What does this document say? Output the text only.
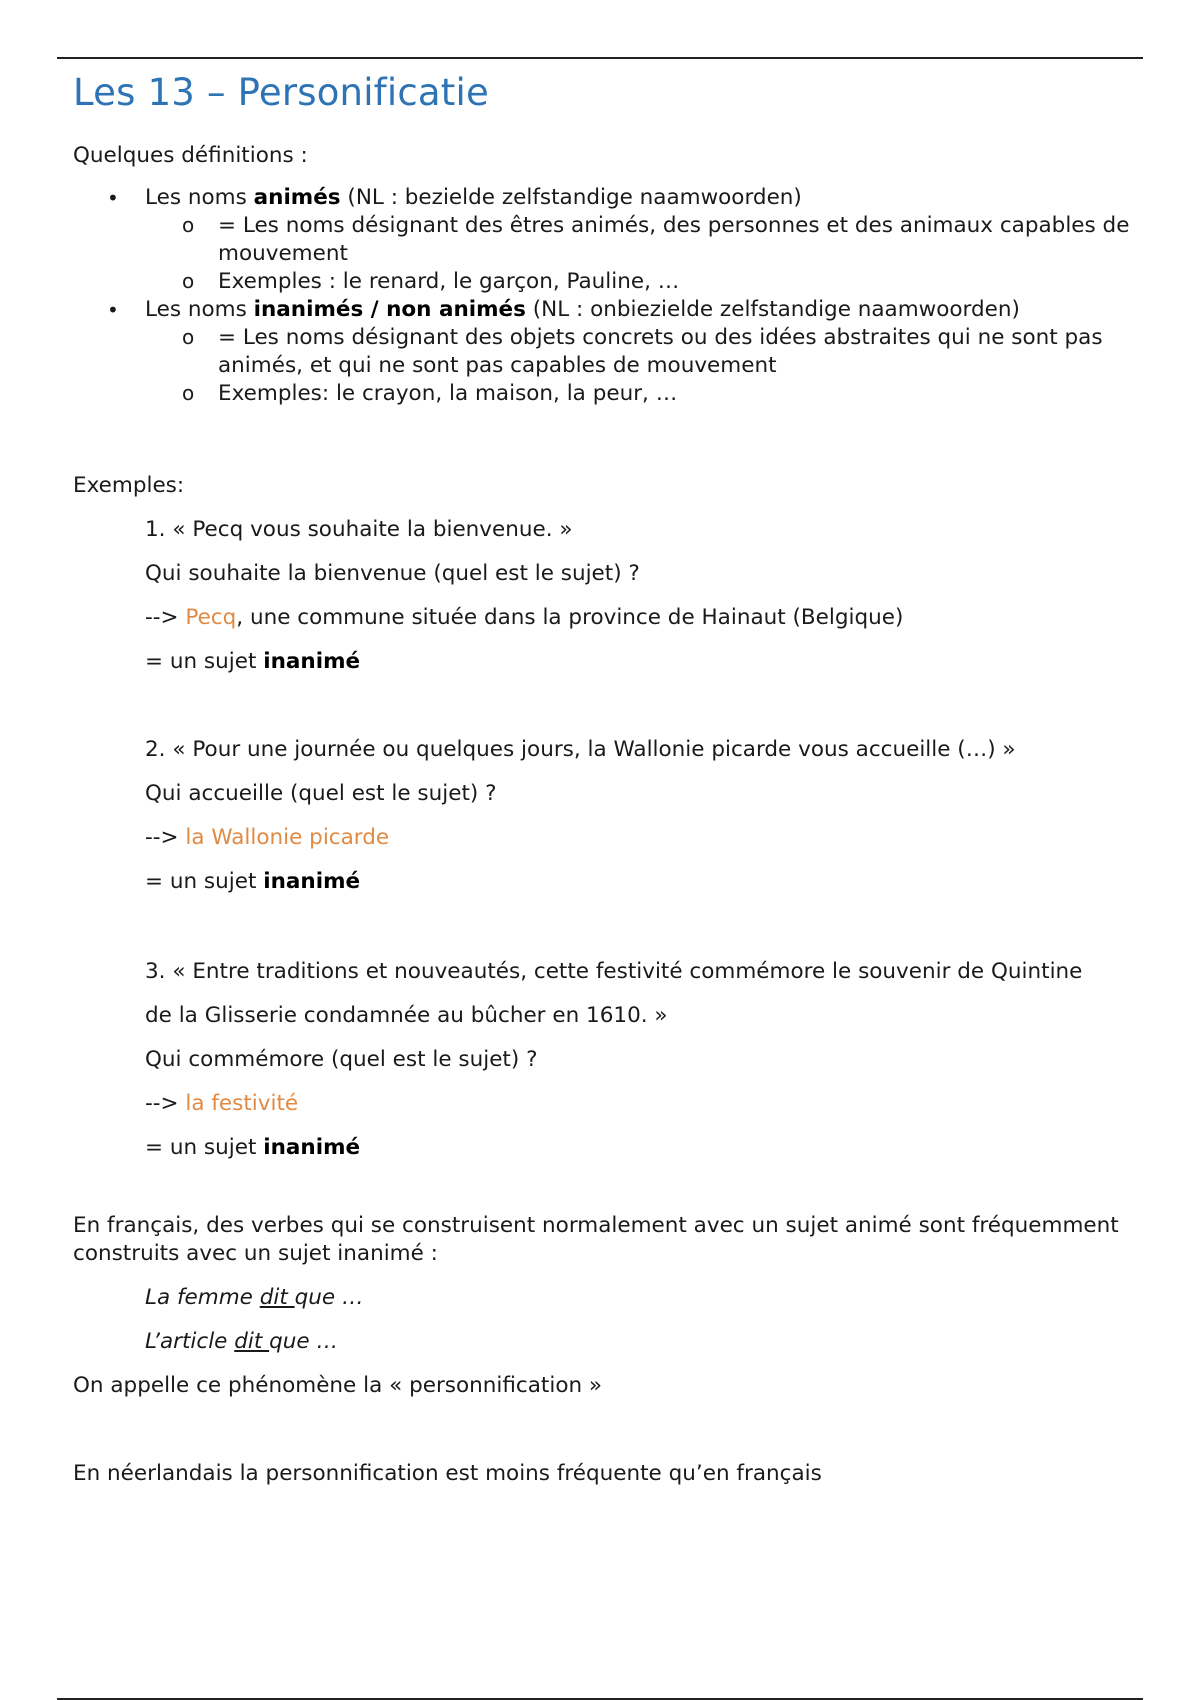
Les 13 – Personificatie

Quelques définitions :

• Les noms animés (NL : bezielde zelfstandige naamwoorden)
o = Les noms désignant des êtres animés, des personnes et des animaux capables de mouvement
o Exemples : le renard, le garçon, Pauline, …
• Les noms inanimés / non animés (NL : onbiezielde zelfstandige naamwoorden)
o = Les noms désignant des objets concrets ou des idées abstraites qui ne sont pas animés, et qui ne sont pas capables de mouvement
o Exemples: le crayon, la maison, la peur, …

Exemples:

1. « Pecq vous souhaite la bienvenue. »
Qui souhaite la bienvenue (quel est le sujet) ?
--> Pecq, une commune située dans la province de Hainaut (Belgique)
= un sujet inanimé
2. « Pour une journée ou quelques jours, la Wallonie picarde vous accueille (…) »
Qui accueille (quel est le sujet) ?
--> la Wallonie picarde
= un sujet inanimé
3. « Entre traditions et nouveautés, cette festivité commémore le souvenir de Quintine
de la Glisserie condamnée au bûcher en 1610. »
Qui commémore (quel est le sujet) ?
--> la festivité
= un sujet inanimé

En français, des verbes qui se construisent normalement avec un sujet animé sont fréquemment construits avec un sujet inanimé :

La femme dit que …
L’article dit que …

On appelle ce phénomène la « personnification »

En néerlandais la personnification est moins fréquente qu’en français
